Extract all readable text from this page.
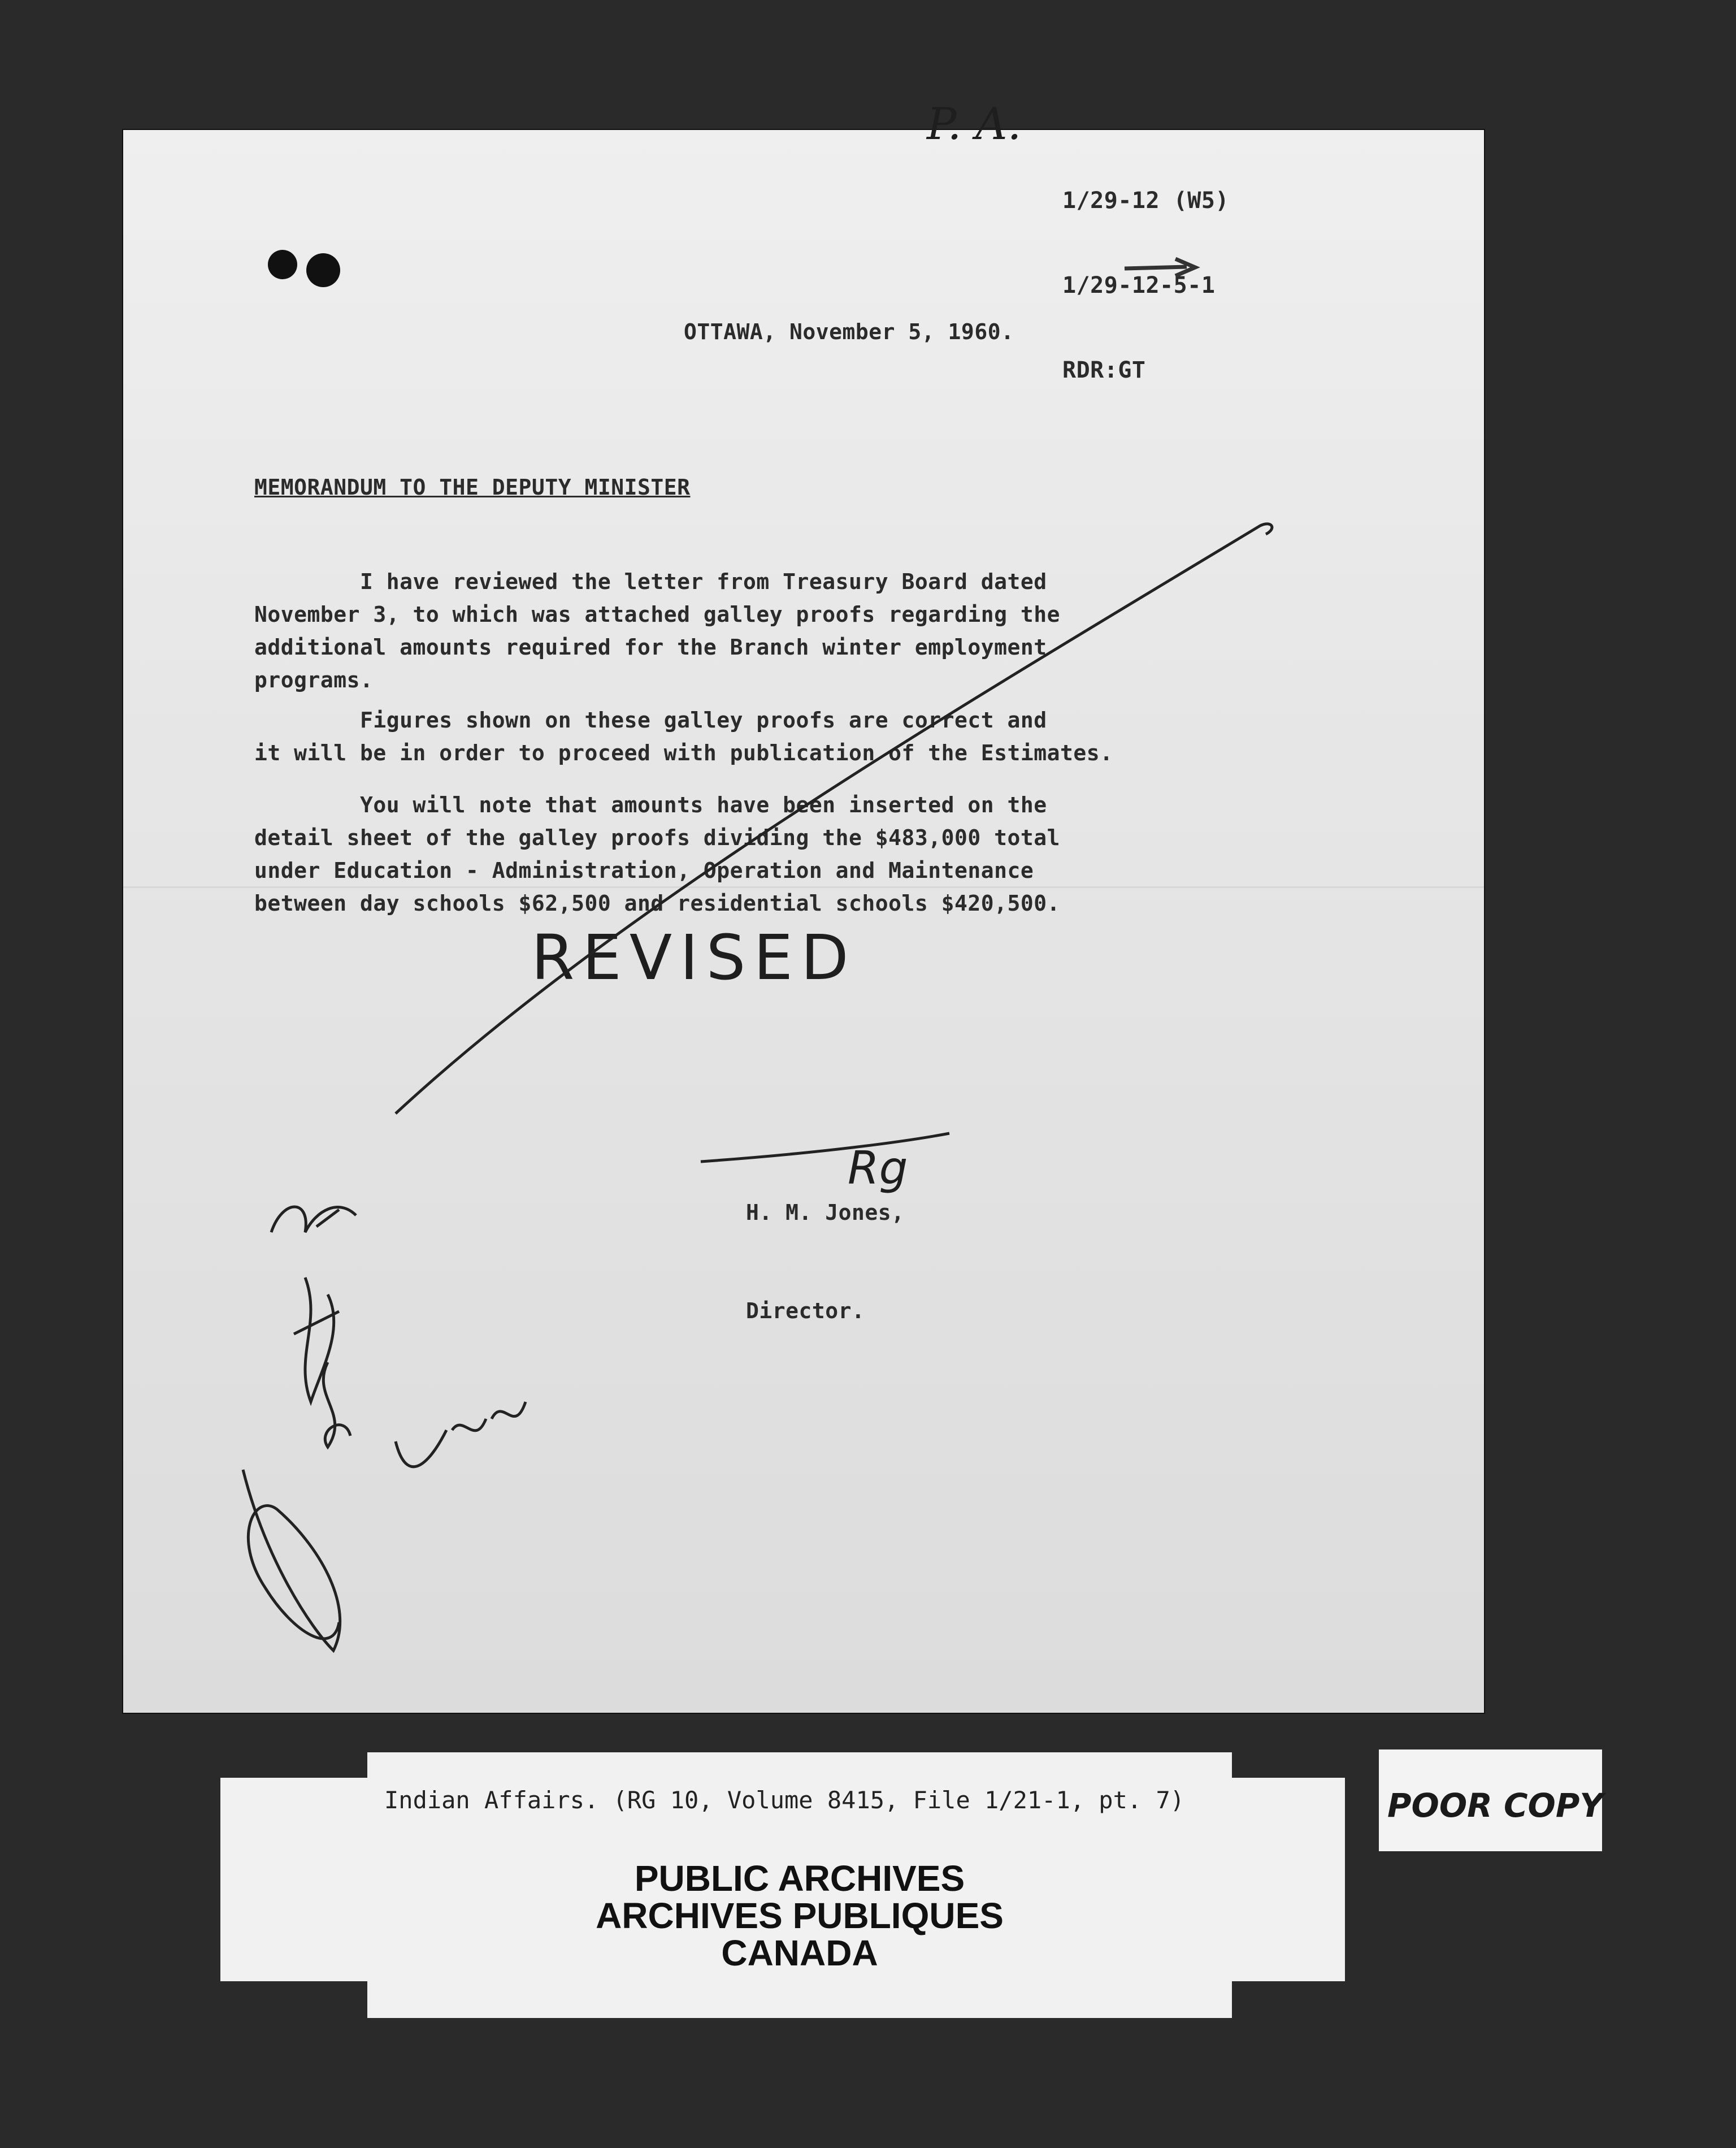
P. A.

1/29-12 (W5)

1/29-12-5-1

RDR:GT

OTTAWA, November 5, 1960.
MEMORANDUM TO THE DEPUTY MINISTER
I have reviewed the letter from Treasury Board dated
November 3, to which was attached galley proofs regarding the
additional amounts required for the Branch winter employment
programs.
Figures shown on these galley proofs are correct and
it will be in order to proceed with publication of the Estimates.
You will note that amounts have been inserted on the
detail sheet of the galley proofs dividing the $483,000 total
under Education - Administration, Operation and Maintenance
between day schools $62,500 and residential schools $420,500.
REVISED
Rg

H. M. Jones,

Director.

Indian Affairs. (RG 10, Volume 8415, File 1/21-1, pt. 7)
PUBLIC ARCHIVES
ARCHIVES PUBLIQUES
CANADA
POOR COPY
